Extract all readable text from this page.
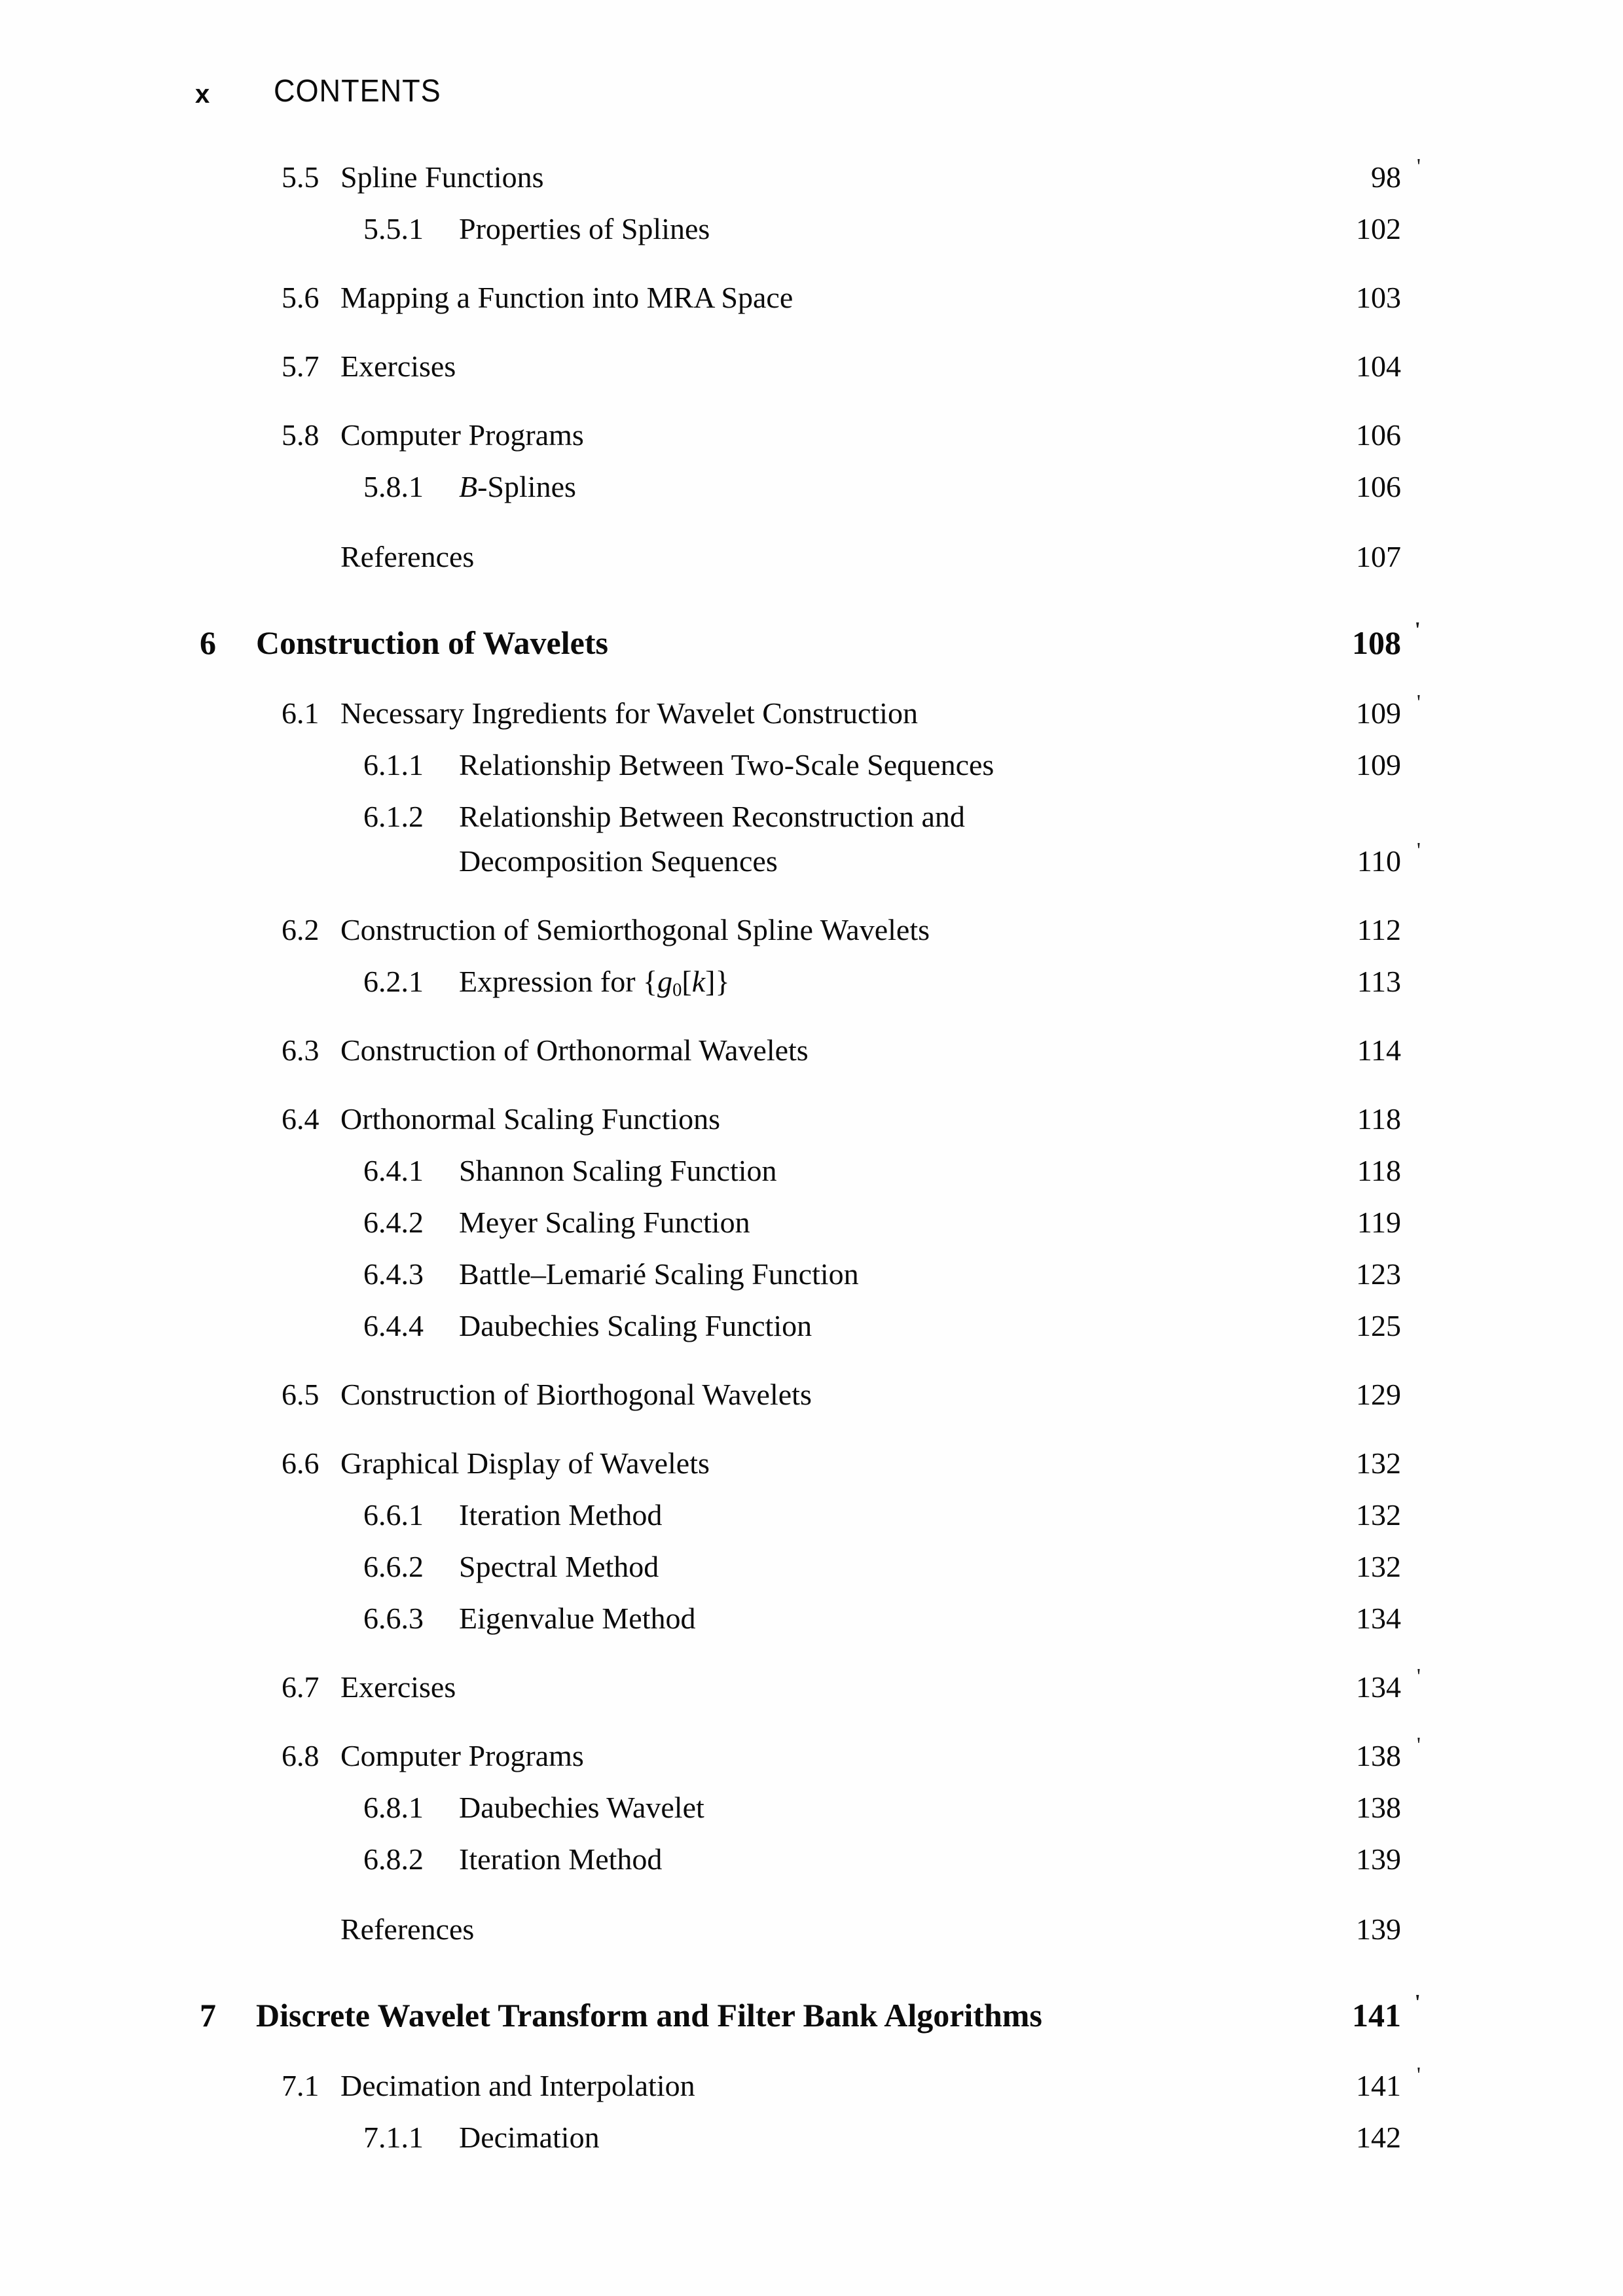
x CONTENTS
5.5 Spline Functions	98 '
5.5.1	Properties of Splines	102
5.6 Mapping a Function into MRA Space	103
5.7 Exercises	104
5.8 Computer Programs	106
5.8.1	B-Splines	106
References	107
6	Construction of Wavelets	108 '
6.1 Necessary Ingredients for Wavelet Construction	109 '
6.1.1	Relationship Between Two-Scale Sequences	109
6.1.2	Relationship Between Reconstruction and
Decomposition Sequences	110 '
6.2 Construction of Semiorthogonal Spline Wavelets	112
6.2.1	Expression for $\{g_0[k]\}$	113
6.3 Construction of Orthonormal Wavelets	114
6.4 Orthonormal Scaling Functions	118
6.4.1	Shannon Scaling Function	118
6.4.2	Meyer Scaling Function	119
6.4.3	Battle–Lemarié Scaling Function	123
6.4.4	Daubechies Scaling Function	125
6.5 Construction of Biorthogonal Wavelets	129
6.6 Graphical Display of Wavelets	132
6.6.1	Iteration Method	132
6.6.2	Spectral Method	132
6.6.3	Eigenvalue Method	134
6.7 Exercises	134 '
6.8 Computer Programs	138 '
6.8.1	Daubechies Wavelet	138
6.8.2	Iteration Method	139
References	139
7	Discrete Wavelet Transform and Filter Bank Algorithms	141 '
7.1 Decimation and Interpolation	141 '
7.1.1	Decimation	142
